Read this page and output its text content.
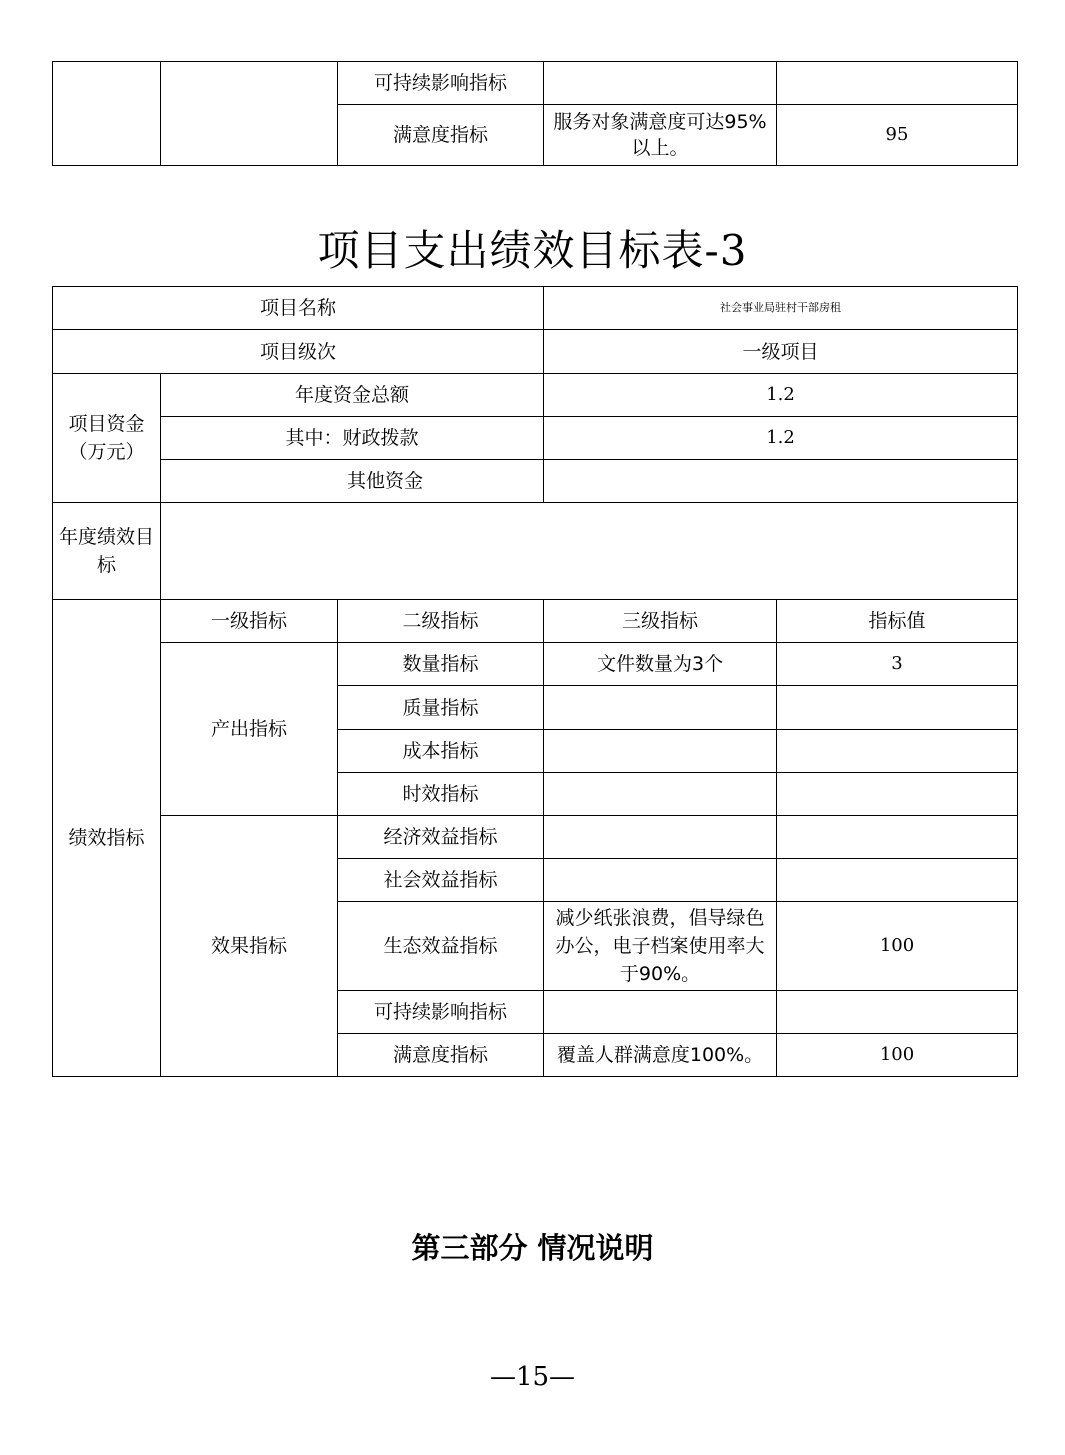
		可持续影响指标		
		满意度指标	服务对象满意度可达95%以上。	95
项目支出绩效目标表-3
项目名称			社会事业局驻村干部房租	
项目级次			一级项目	
项目资金（万元）	年度资金总额		1.2	
	其中：财政拨款		1.2	
	其他资金			
年度绩效目标				
绩效指标	一级指标	二级指标	三级指标	指标值
	产出指标	数量指标	文件数量为3个	3
		质量指标		
		成本指标		
		时效指标		
	效果指标	经济效益指标		
		社会效益指标		
		生态效益指标	减少纸张浪费，倡导绿色办公，电子档案使用率大于90%。	100
		可持续影响指标		
		满意度指标	覆盖人群满意度100%。	100
第三部分 情况说明
—15—
